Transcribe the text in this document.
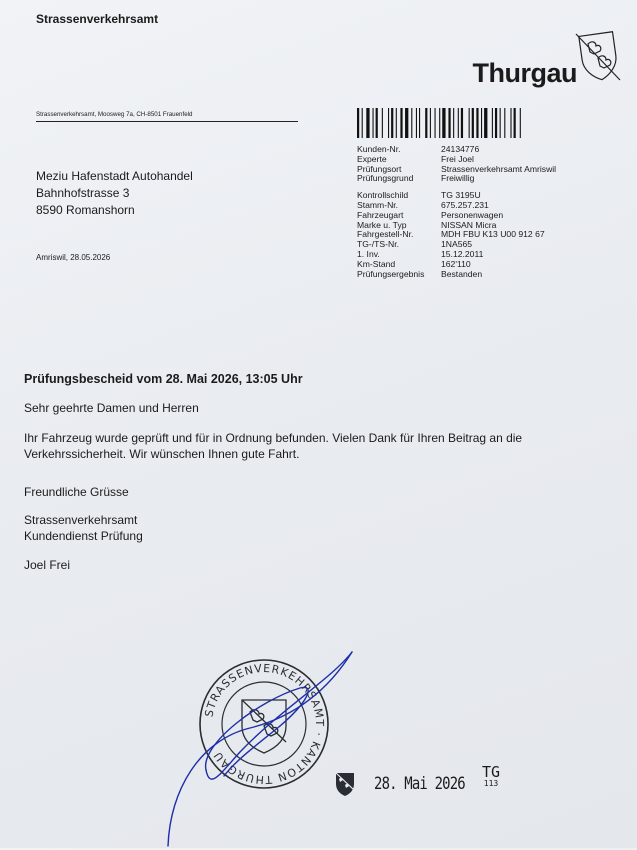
Strassenverkehrsamt
Thurgau
Strassenverkehrsamt, Moosweg 7a, CH-8501 Frauenfeld
Meziu Hafenstadt Autohandel
Bahnhofstrasse 3
8590 Romanshorn
Amriswil, 28.05.2026
Kunden-Nr.	24134776
Experte	Frei Joel
Prüfungsort	Strassenverkehrsamt Amriswil
Prüfungsgrund	Freiwillig
Kontrollschild	TG 3195U
Stamm-Nr.	675.257.231
Fahrzeugart	Personenwagen
Marke u. Typ	NISSAN Micra
Fahrgestell-Nr.	MDH FBU K13 U00 912 67
TG-/TS-Nr.	1NA565
1. Inv.	15.12.2011
Km-Stand	162'110
Prüfungsergebnis	Bestanden
Prüfungsbescheid vom 28. Mai 2026, 13:05 Uhr
Sehr geehrte Damen und Herren
Ihr Fahrzeug wurde geprüft und für in Ordnung befunden. Vielen Dank für Ihren Beitrag an die
Verkehrssicherheit. Wir wünschen Ihnen gute Fahrt.
Freundliche Grüsse
Strassenverkehrsamt
Kundendienst Prüfung
Joel Frei
STRASSENVERKEHRSAMT · KANTON THURGAU
28. Mai 2026
TG
113
